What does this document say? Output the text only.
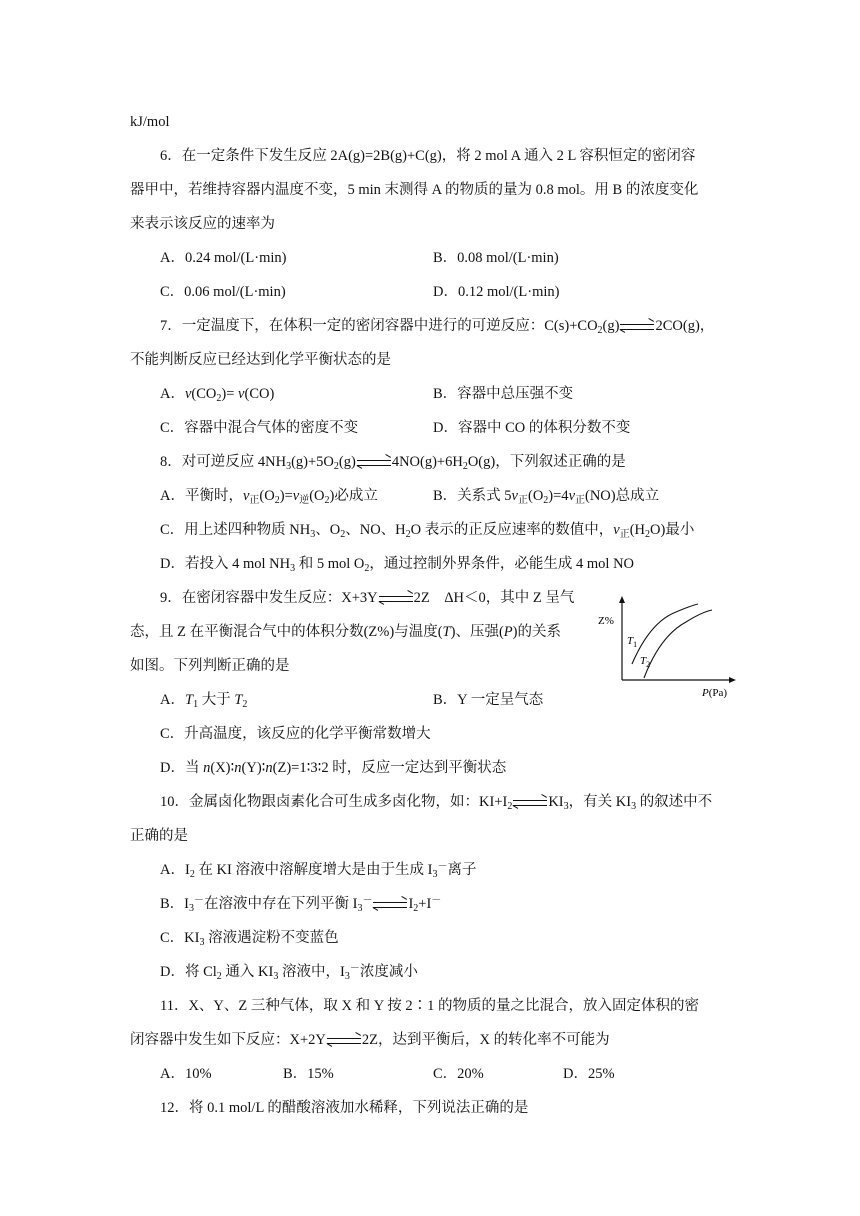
kJ/mol
6．在一定条件下发生反应 2A(g)=2B(g)+C(g)，将 2 mol A 通入 2 L 容积恒定的密闭容
器甲中，若维持容器内温度不变，5 min 末测得 A 的物质的量为 0.8 mol。用 B 的浓度变化
来表示该反应的速率为
A．0.24 mol/(L·min)	B．0.08 mol/(L·min)
C．0.06 mol/(L·min)	D．0.12 mol/(L·min)
7．一定温度下，在体积一定的密闭容器中进行的可逆反应：$C(s)+CO_2(g)$ 2CO(g)，
不能判断反应已经达到化学平衡状态的是
A．$v(CO_2)= v(CO)$	B．容器中总压强不变
C．容器中混合气体的密度不变	D．容器中 CO 的体积分数不变
8．对可逆反应 $4NH_3(g)+5O_2(g)$ $4NO(g)+6H_2O(g)$，下列叙述正确的是
A．平衡时，$v_正(O_2)=v_逆(O_2)$必成立	B．关系式 $5v_正(O_2)=4v_正(NO)$总成立
C．用上述四种物质 $NH_3$、$O_2$、NO、$H_2O$ 表示的正反应速率的数值中，$v_正(H_2O)$最小
D．若投入 4 mol $NH_3$ 和 5 mol $O_2$，通过控制外界条件，必能生成 4 mol NO
9．在密闭容器中发生反应：X+3Y 2Z　ΔH＜0，其中 Z 呈气
态，且 Z 在平衡混合气中的体积分数(Z%)与温度(T)、压强(P)的关系
如图。下列判断正确的是
A．$T_1$ 大于 $T_2$	B．Y 一定呈气态
C．升高温度，该反应的化学平衡常数增大
D．当 n(X)∶n(Y)∶n(Z)=1∶3∶2 时，反应一定达到平衡状态
Z%
$T_1$
$T_2$
P(Pa)
10．金属卤化物跟卤素化合可生成多卤化物，如：$KI+I_2$ $KI_3$，有关 $KI_3$ 的叙述中不
正确的是
A．$I_2$ 在 KI 溶液中溶解度增大是由于生成 $I_3^-$离子
B．$I_3^-$在溶液中存在下列平衡 $I_3^-$ $I_2+I^-$
C．$KI_3$ 溶液遇淀粉不变蓝色
D．将 $Cl_2$ 通入 $KI_3$ 溶液中，$I_3^-$浓度减小
11．X、Y、Z 三种气体，取 X 和 Y 按 2∶1 的物质的量之比混合，放入固定体积的密
闭容器中发生如下反应：X+2Y 2Z，达到平衡后，X 的转化率不可能为
A．10%	B．15%	C．20%	D．25%
12．将 0.1 mol/L 的醋酸溶液加水稀释，下列说法正确的是
